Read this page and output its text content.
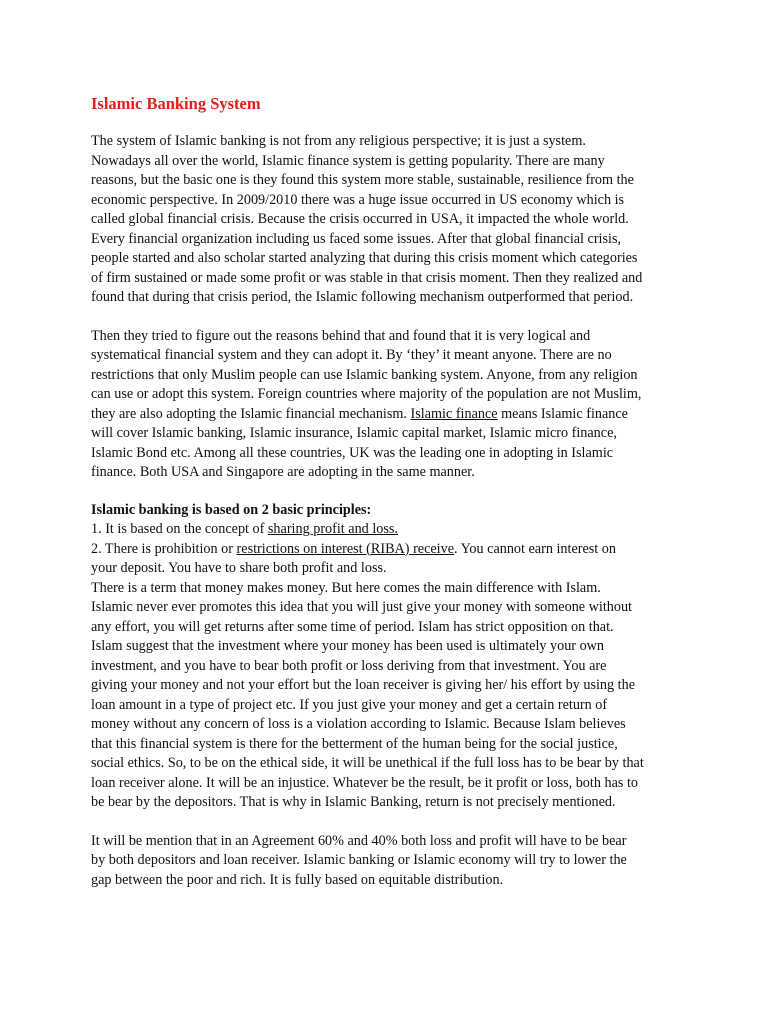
Islamic Banking System

The system of Islamic banking is not from any religious perspective; it is just a system.
Nowadays all over the world, Islamic finance system is getting popularity. There are many
reasons, but the basic one is they found this system more stable, sustainable, resilience from the
economic perspective. In 2009/2010 there was a huge issue occurred in US economy which is
called global financial crisis. Because the crisis occurred in USA, it impacted the whole world.
Every financial organization including us faced some issues. After that global financial crisis,
people started and also scholar started analyzing that during this crisis moment which categories
of firm sustained or made some profit or was stable in that crisis moment. Then they realized and
found that during that crisis period, the Islamic following mechanism outperformed that period.

Then they tried to figure out the reasons behind that and found that it is very logical and
systematical financial system and they can adopt it. By ‘they’ it meant anyone. There are no
restrictions that only Muslim people can use Islamic banking system. Anyone, from any religion
can use or adopt this system. Foreign countries where majority of the population are not Muslim,
they are also adopting the Islamic financial mechanism. Islamic finance means Islamic finance
will cover Islamic banking, Islamic insurance, Islamic capital market, Islamic micro finance,
Islamic Bond etc. Among all these countries, UK was the leading one in adopting in Islamic
finance. Both USA and Singapore are adopting in the same manner.

Islamic banking is based on 2 basic principles:

1. It is based on the concept of sharing profit and loss.

2. There is prohibition or restrictions on interest (RIBA) receive. You cannot earn interest on
your deposit. You have to share both profit and loss.

There is a term that money makes money. But here comes the main difference with Islam.
Islamic never ever promotes this idea that you will just give your money with someone without
any effort, you will get returns after some time of period. Islam has strict opposition on that.
Islam suggest that the investment where your money has been used is ultimately your own
investment, and you have to bear both profit or loss deriving from that investment. You are
giving your money and not your effort but the loan receiver is giving her/ his effort by using the
loan amount in a type of project etc. If you just give your money and get a certain return of
money without any concern of loss is a violation according to Islamic. Because Islam believes
that this financial system is there for the betterment of the human being for the social justice,
social ethics. So, to be on the ethical side, it will be unethical if the full loss has to be bear by that
loan receiver alone. It will be an injustice. Whatever be the result, be it profit or loss, both has to
be bear by the depositors. That is why in Islamic Banking, return is not precisely mentioned.

It will be mention that in an Agreement 60% and 40% both loss and profit will have to be bear
by both depositors and loan receiver. Islamic banking or Islamic economy will try to lower the
gap between the poor and rich. It is fully based on equitable distribution.
